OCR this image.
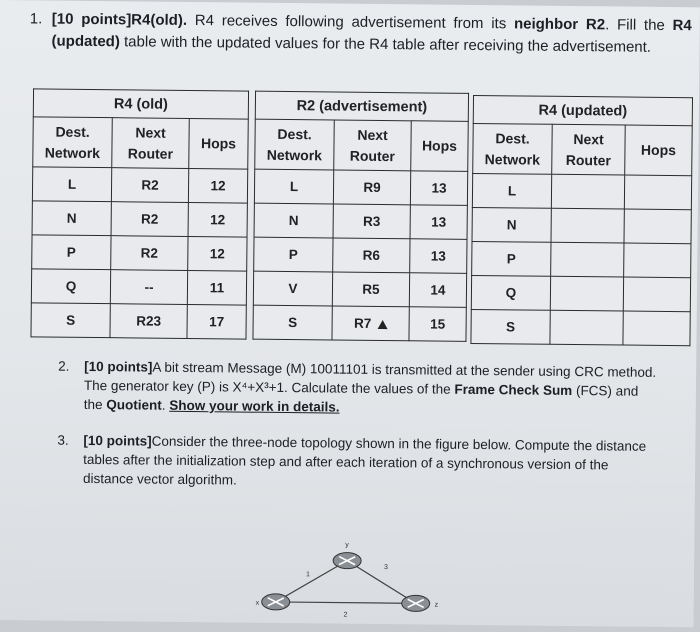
1. [10 points]R4(old). R4 receives following advertisement from its neighbor R2. Fill the R4 (updated) table with the updated values for the R4 table after receiving the advertisement.
R4 (old)		
Dest. Network	Next Router	Hops
L	R2	12
N	R2	12
P	R2	12
Q	--	11
S	R23	17
R2 (advertisement)		
Dest. Network	Next Router	Hops
L	R9	13
N	R3	13
P	R6	13
V	R5	14
S	R7	15
R4 (updated)		
Dest. Network	Next Router	Hops
L		
N		
P		
Q		
S		
2. [10 points]A bit stream Message (M) 10011101 is transmitted at the sender using CRC method. The generator key (P) is X⁴+X³+1. Calculate the values of the Frame Check Sum (FCS) and the Quotient. Show your work in details.
3. [10 points]Consider the three-node topology shown in the figure below. Compute the distance tables after the initialization step and after each iteration of a synchronous version of the distance vector algorithm.
y
x	z
1
3
2
